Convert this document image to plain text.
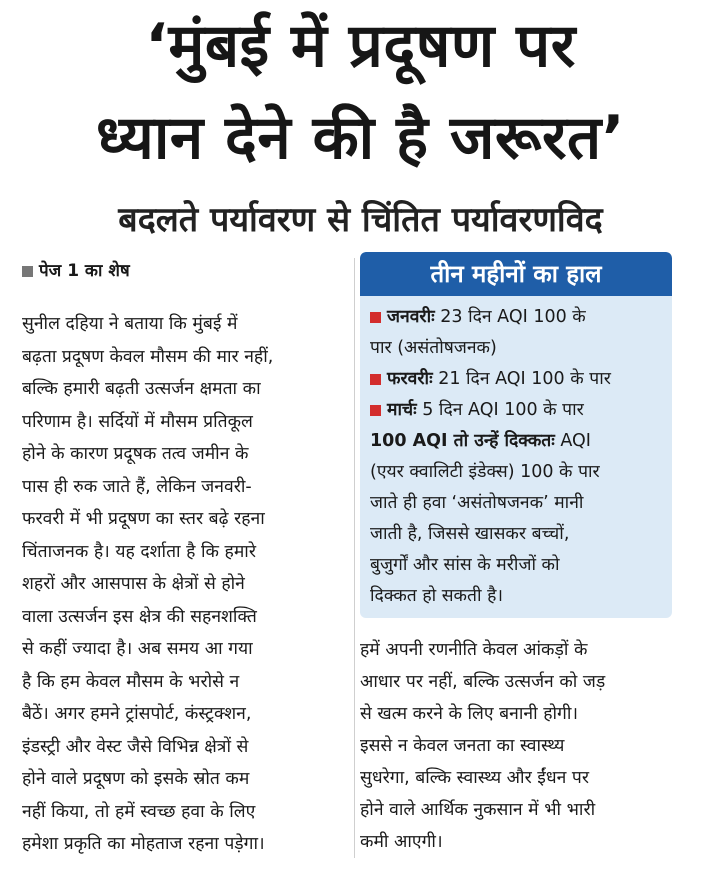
‘मुंबई में प्रदूषण पर
ध्यान देने की है जरूरत’
बदलते पर्यावरण से चिंतित पर्यावरणविद
पेज 1 का शेष
सुनील दहिया ने बताया कि मुंबई में
बढ़ता प्रदूषण केवल मौसम की मार नहीं,
बल्कि हमारी बढ़ती उत्सर्जन क्षमता का
परिणाम है। सर्दियों में मौसम प्रतिकूल
होने के कारण प्रदूषक तत्व जमीन के
पास ही रुक जाते हैं, लेकिन जनवरी-
फरवरी में भी प्रदूषण का स्तर बढ़े रहना
चिंताजनक है। यह दर्शाता है कि हमारे
शहरों और आसपास के क्षेत्रों से होने
वाला उत्सर्जन इस क्षेत्र की सहनशक्ति
से कहीं ज्यादा है। अब समय आ गया
है कि हम केवल मौसम के भरोसे न
बैठें। अगर हमने ट्रांसपोर्ट, कंस्ट्रक्शन,
इंडस्ट्री और वेस्ट जैसे विभिन्न क्षेत्रों से
होने वाले प्रदूषण को इसके स्रोत कम
नहीं किया, तो हमें स्वच्छ हवा के लिए
हमेशा प्रकृति का मोहताज रहना पड़ेगा।
तीन महीनों का हाल
जनवरीः 23 दिन AQI 100 के
पार (असंतोषजनक)
फरवरीः 21 दिन AQI 100 के पार
मार्चः 5 दिन AQI 100 के पार
100 AQI तो उन्हें दिक्कतः AQI
(एयर क्वालिटी इंडेक्स) 100 के पार
जाते ही हवा ‘असंतोषजनक’ मानी
जाती है, जिससे खासकर बच्चों,
बुजुर्गों और सांस के मरीजों को
दिक्कत हो सकती है।
हमें अपनी रणनीति केवल आंकड़ों के
आधार पर नहीं, बल्कि उत्सर्जन को जड़
से खत्म करने के लिए बनानी होगी।
इससे न केवल जनता का स्वास्थ्य
सुधरेगा, बल्कि स्वास्थ्य और ईंधन पर
होने वाले आर्थिक नुकसान में भी भारी
कमी आएगी।
